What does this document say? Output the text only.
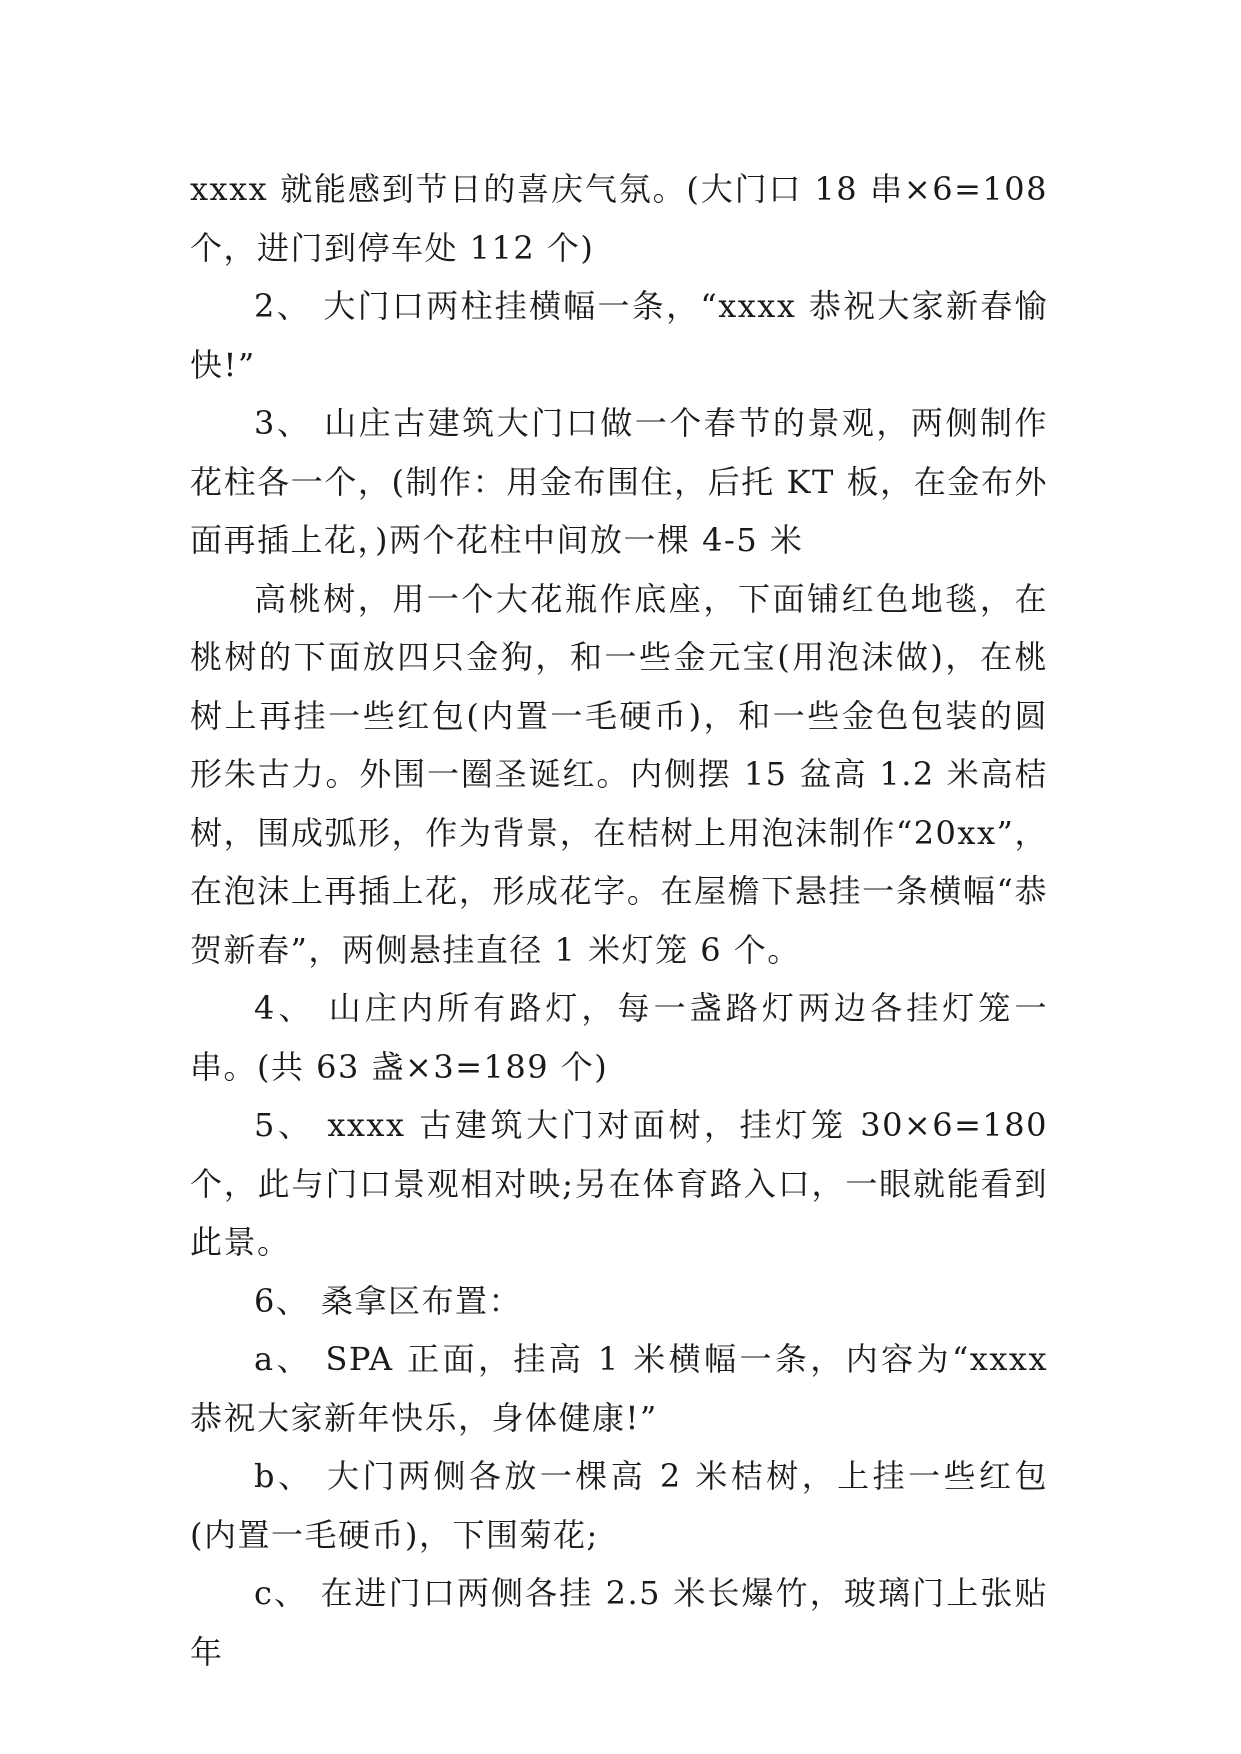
xxxx 就能感到节日的喜庆气氛。(大门口 18 串×6=108 个，进门到停车处 112 个)

2、 大门口两柱挂横幅一条，“xxxx 恭祝大家新春愉快!”

3、 山庄古建筑大门口做一个春节的景观，两侧制作花柱各一个，(制作：用金布围住，后托 KT 板，在金布外面再插上花，)两个花柱中间放一棵 4-5 米

高桃树，用一个大花瓶作底座，下面铺红色地毯，在桃树的下面放四只金狗，和一些金元宝(用泡沫做)，在桃树上再挂一些红包(内置一毛硬币)，和一些金色包装的圆形朱古力。外围一圈圣诞红。内侧摆 15 盆高 1.2 米高桔树，围成弧形，作为背景，在桔树上用泡沫制作“20xx”，在泡沫上再插上花，形成花字。在屋檐下悬挂一条横幅“恭贺新春”，两侧悬挂直径 1 米灯笼 6 个。

4、 山庄内所有路灯，每一盏路灯两边各挂灯笼一串。(共 63 盏×3=189 个)

5、 xxxx 古建筑大门对面树，挂灯笼 30×6=180 个，此与门口景观相对映;另在体育路入口，一眼就能看到此景。

6、 桑拿区布置：

a、 SPA 正面，挂高 1 米横幅一条，内容为“xxxx 恭祝大家新年快乐，身体健康!”

b、 大门两侧各放一棵高 2 米桔树，上挂一些红包(内置一毛硬币)，下围菊花;

c、 在进门口两侧各挂 2.5 米长爆竹，玻璃门上张贴年
